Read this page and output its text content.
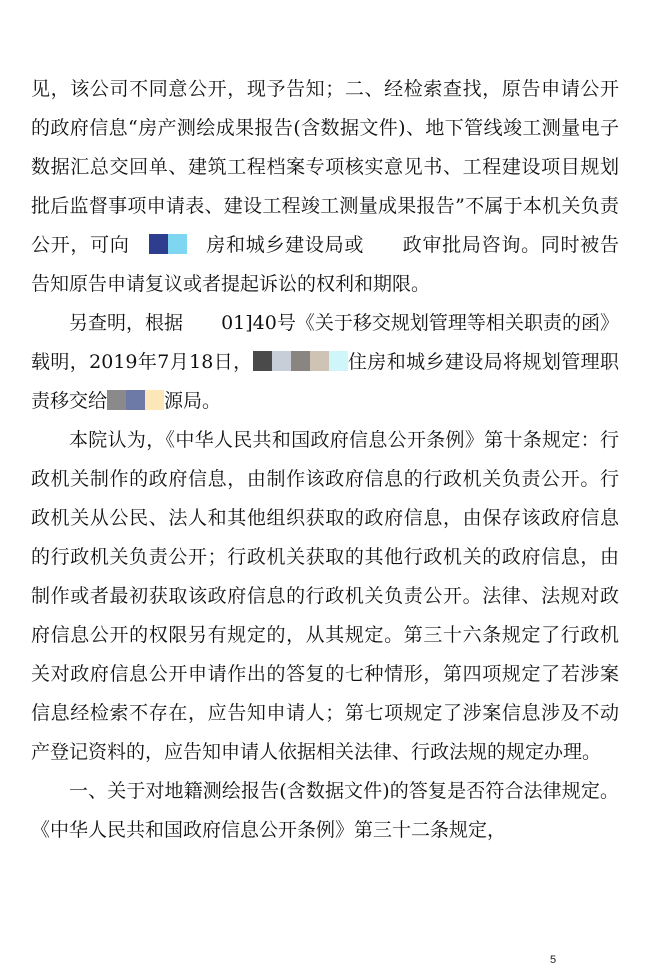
见，该公司不同意公开，现予告知；二、经检索查找，原告申请公开的政府信息“房产测绘成果报告(含数据文件)、地下管线竣工测量电子数据汇总交回单、建筑工程档案专项核实意见书、工程建设项目规划批后监督事项申请表、建设工程竣工测量成果报告”不属于本机关负责公开，可向	房和城乡建设局或 政审批局咨询。同时被告告知原告申请复议或者提起诉讼的权利和期限。

另查明，根据 01]40号《关于移交规划管理等相关职责的函》载明，2019年7月18日，	住房和城乡建设局将规划管理职责移交给	源局。

本院认为，《中华人民共和国政府信息公开条例》第十条规定：行政机关制作的政府信息，由制作该政府信息的行政机关负责公开。行政机关从公民、法人和其他组织获取的政府信息，由保存该政府信息的行政机关负责公开；行政机关获取的其他行政机关的政府信息，由制作或者最初获取该政府信息的行政机关负责公开。法律、法规对政府信息公开的权限另有规定的，从其规定。第三十六条规定了行政机关对政府信息公开申请作出的答复的七种情形，第四项规定了若涉案信息经检索不存在，应告知申请人；第七项规定了涉案信息涉及不动产登记资料的，应告知申请人依据相关法律、行政法规的规定办理。

一、关于对地籍测绘报告(含数据文件)的答复是否符合法律规定。《中华人民共和国政府信息公开条例》第三十二条规定，

5
